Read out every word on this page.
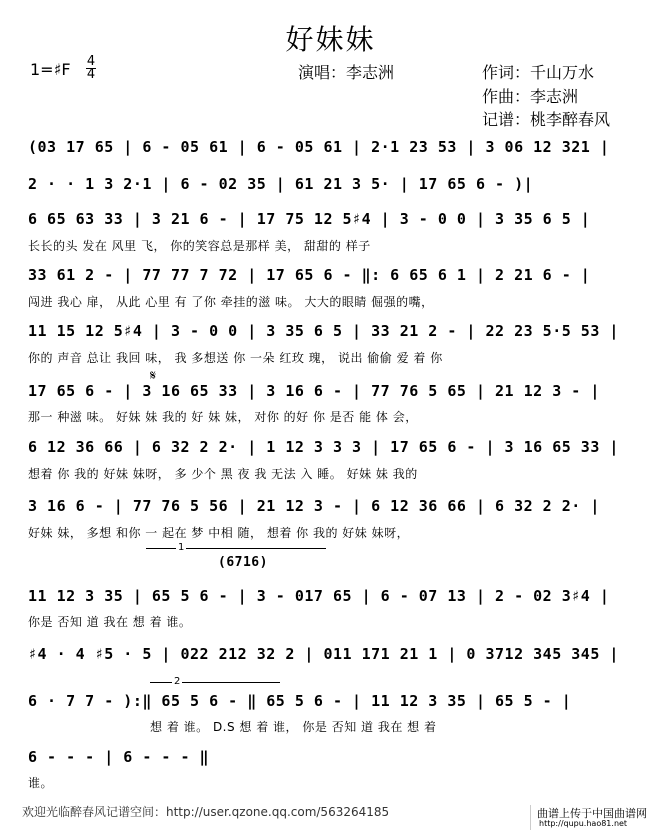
好妹妹
1=♯F 4
4	演唱：李志洲	作词：千山万水
作曲：李志洲
记谱：桃李醉春风
(03 17 65 | 6 - 05 61 | 6 - 05 61 | 2·1 23 53 | 3 06 12 321 |
2 · · 1 3 2·1 | 6 - 02 35 | 61 21 3 5· | 17 65 6 - )|
6 65 63 33 | 3 21 6 - | 17 75 12 5♯4 | 3 - 0 0 | 3 35 6 5 |
长长的头 发在 风里 飞， 你的笑容总是那样 美， 甜甜的 样子
33 61 2 - | 77 77 7 72 | 17 65 6 - ‖: 6 65 6 1 | 2 21 6 - |
闯进 我心 扉， 从此 心里 有 了你 牵挂的滋 味。 大大的眼睛 倔强的嘴，
11 15 12 5♯4 | 3 - 0 0 | 3 35 6 5 | 33 21 2 - | 22 23 5·5 53 |
你的 声音 总让 我回 味， 我 多想送 你 一朵 红玫 瑰， 说出 偷偷 爱 着 你
𝄋
17 65 6 - | 3 16 65 33 | 3 16 6 - | 77 76 5 65 | 21 12 3 - |
那一 种滋 味。 好妹 妹 我的 好 妹 妹， 对你 的好 你 是否 能 体 会，
6 12 36 66 | 6 32 2 2· | 1 12 3 3 3 | 17 65 6 - | 3 16 65 33 |
想着 你 我的 好妹 妹呀， 多 少个 黑 夜 我 无法 入 睡。 好妹 妹 我的
3 16 6 - | 77 76 5 56 | 21 12 3 - | 6 12 36 66 | 6 32 2 2· |
好妹 妹， 多想 和你 一 起在 梦 中相 随， 想着 你 我的 好妹 妹呀，
1
(6716)
11 12 3 35 | 65 5 6 - | 3 - 017 65 | 6 - 07 13 | 2 - 02 3♯4 |
你是 否知 道 我在 想 着 谁。
♯4 · 4 ♯5 · 5 | 022 212 32 2 | 011 171 21 1 | 0 3712 345 345 |
2
6 · 7 7 - ):‖ 65 5 6 - ‖ 65 5 6 - | 11 12 3 35 | 65 5 - |
想 着 谁。 D.S 想 着 谁， 你是 否知 道 我在 想 着
6 - - - | 6 - - - ‖
谁。
欢迎光临醉春风记谱空间：http://user.qzone.qq.com/563264185	曲谱上传于中国曲谱网
http://qupu.hao81.net
